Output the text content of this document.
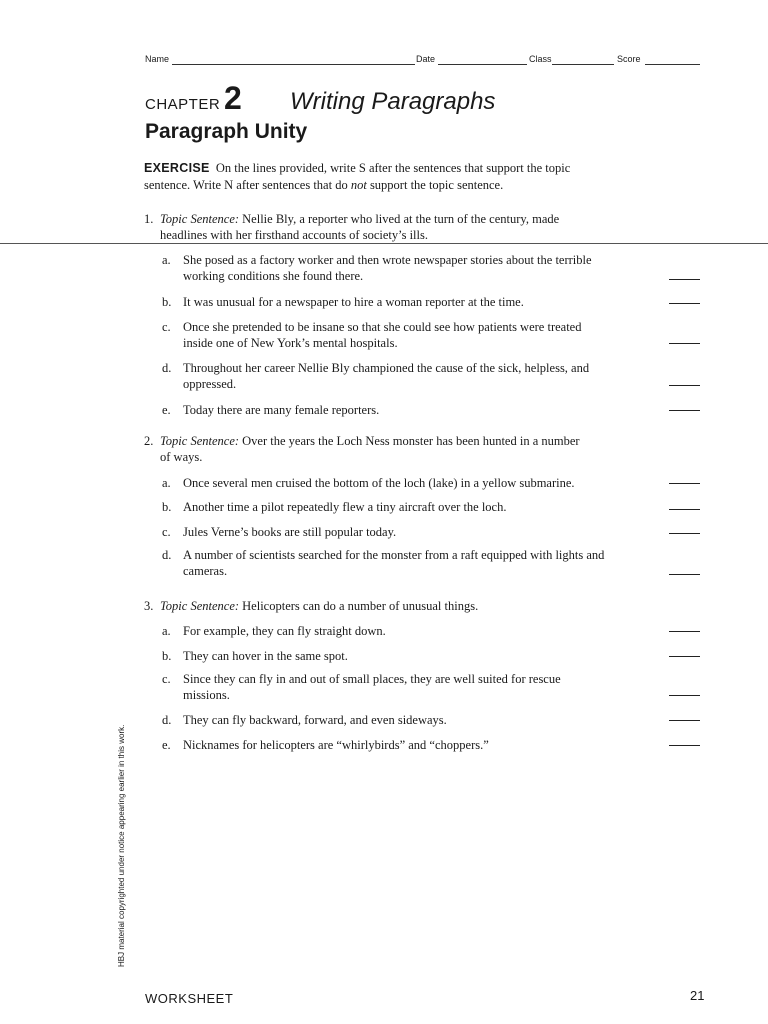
Name	Date	Class	Score
CHAPTER 2 Writing Paragraphs
Paragraph Unity
EXERCISE On the lines provided, write S after the sentences that support the topic sentence. Write N after sentences that do not support the topic sentence.
1. Topic Sentence: Nellie Bly, a reporter who lived at the turn of the century, made
headlines with her firsthand accounts of society’s ills.
a. She posed as a factory worker and then wrote newspaper stories about the terrible
working conditions she found there.
b. It was unusual for a newspaper to hire a woman reporter at the time.
c. Once she pretended to be insane so that she could see how patients were treated
inside one of New York’s mental hospitals.
d. Throughout her career Nellie Bly championed the cause of the sick, helpless, and
oppressed.
e. Today there are many female reporters.
2. Topic Sentence: Over the years the Loch Ness monster has been hunted in a number
of ways.
a. Once several men cruised the bottom of the loch (lake) in a yellow submarine.
b. Another time a pilot repeatedly flew a tiny aircraft over the loch.
c. Jules Verne’s books are still popular today.
d. A number of scientists searched for the monster from a raft equipped with lights and
cameras.
3. Topic Sentence: Helicopters can do a number of unusual things.
a. For example, they can fly straight down.
b. They can hover in the same spot.
c. Since they can fly in and out of small places, they are well suited for rescue
missions.
d. They can fly backward, forward, and even sideways.
e. Nicknames for helicopters are “whirlybirds” and “choppers.”
HBJ material copyrighted under notice appearing earlier in this work.
WORKSHEET	21
